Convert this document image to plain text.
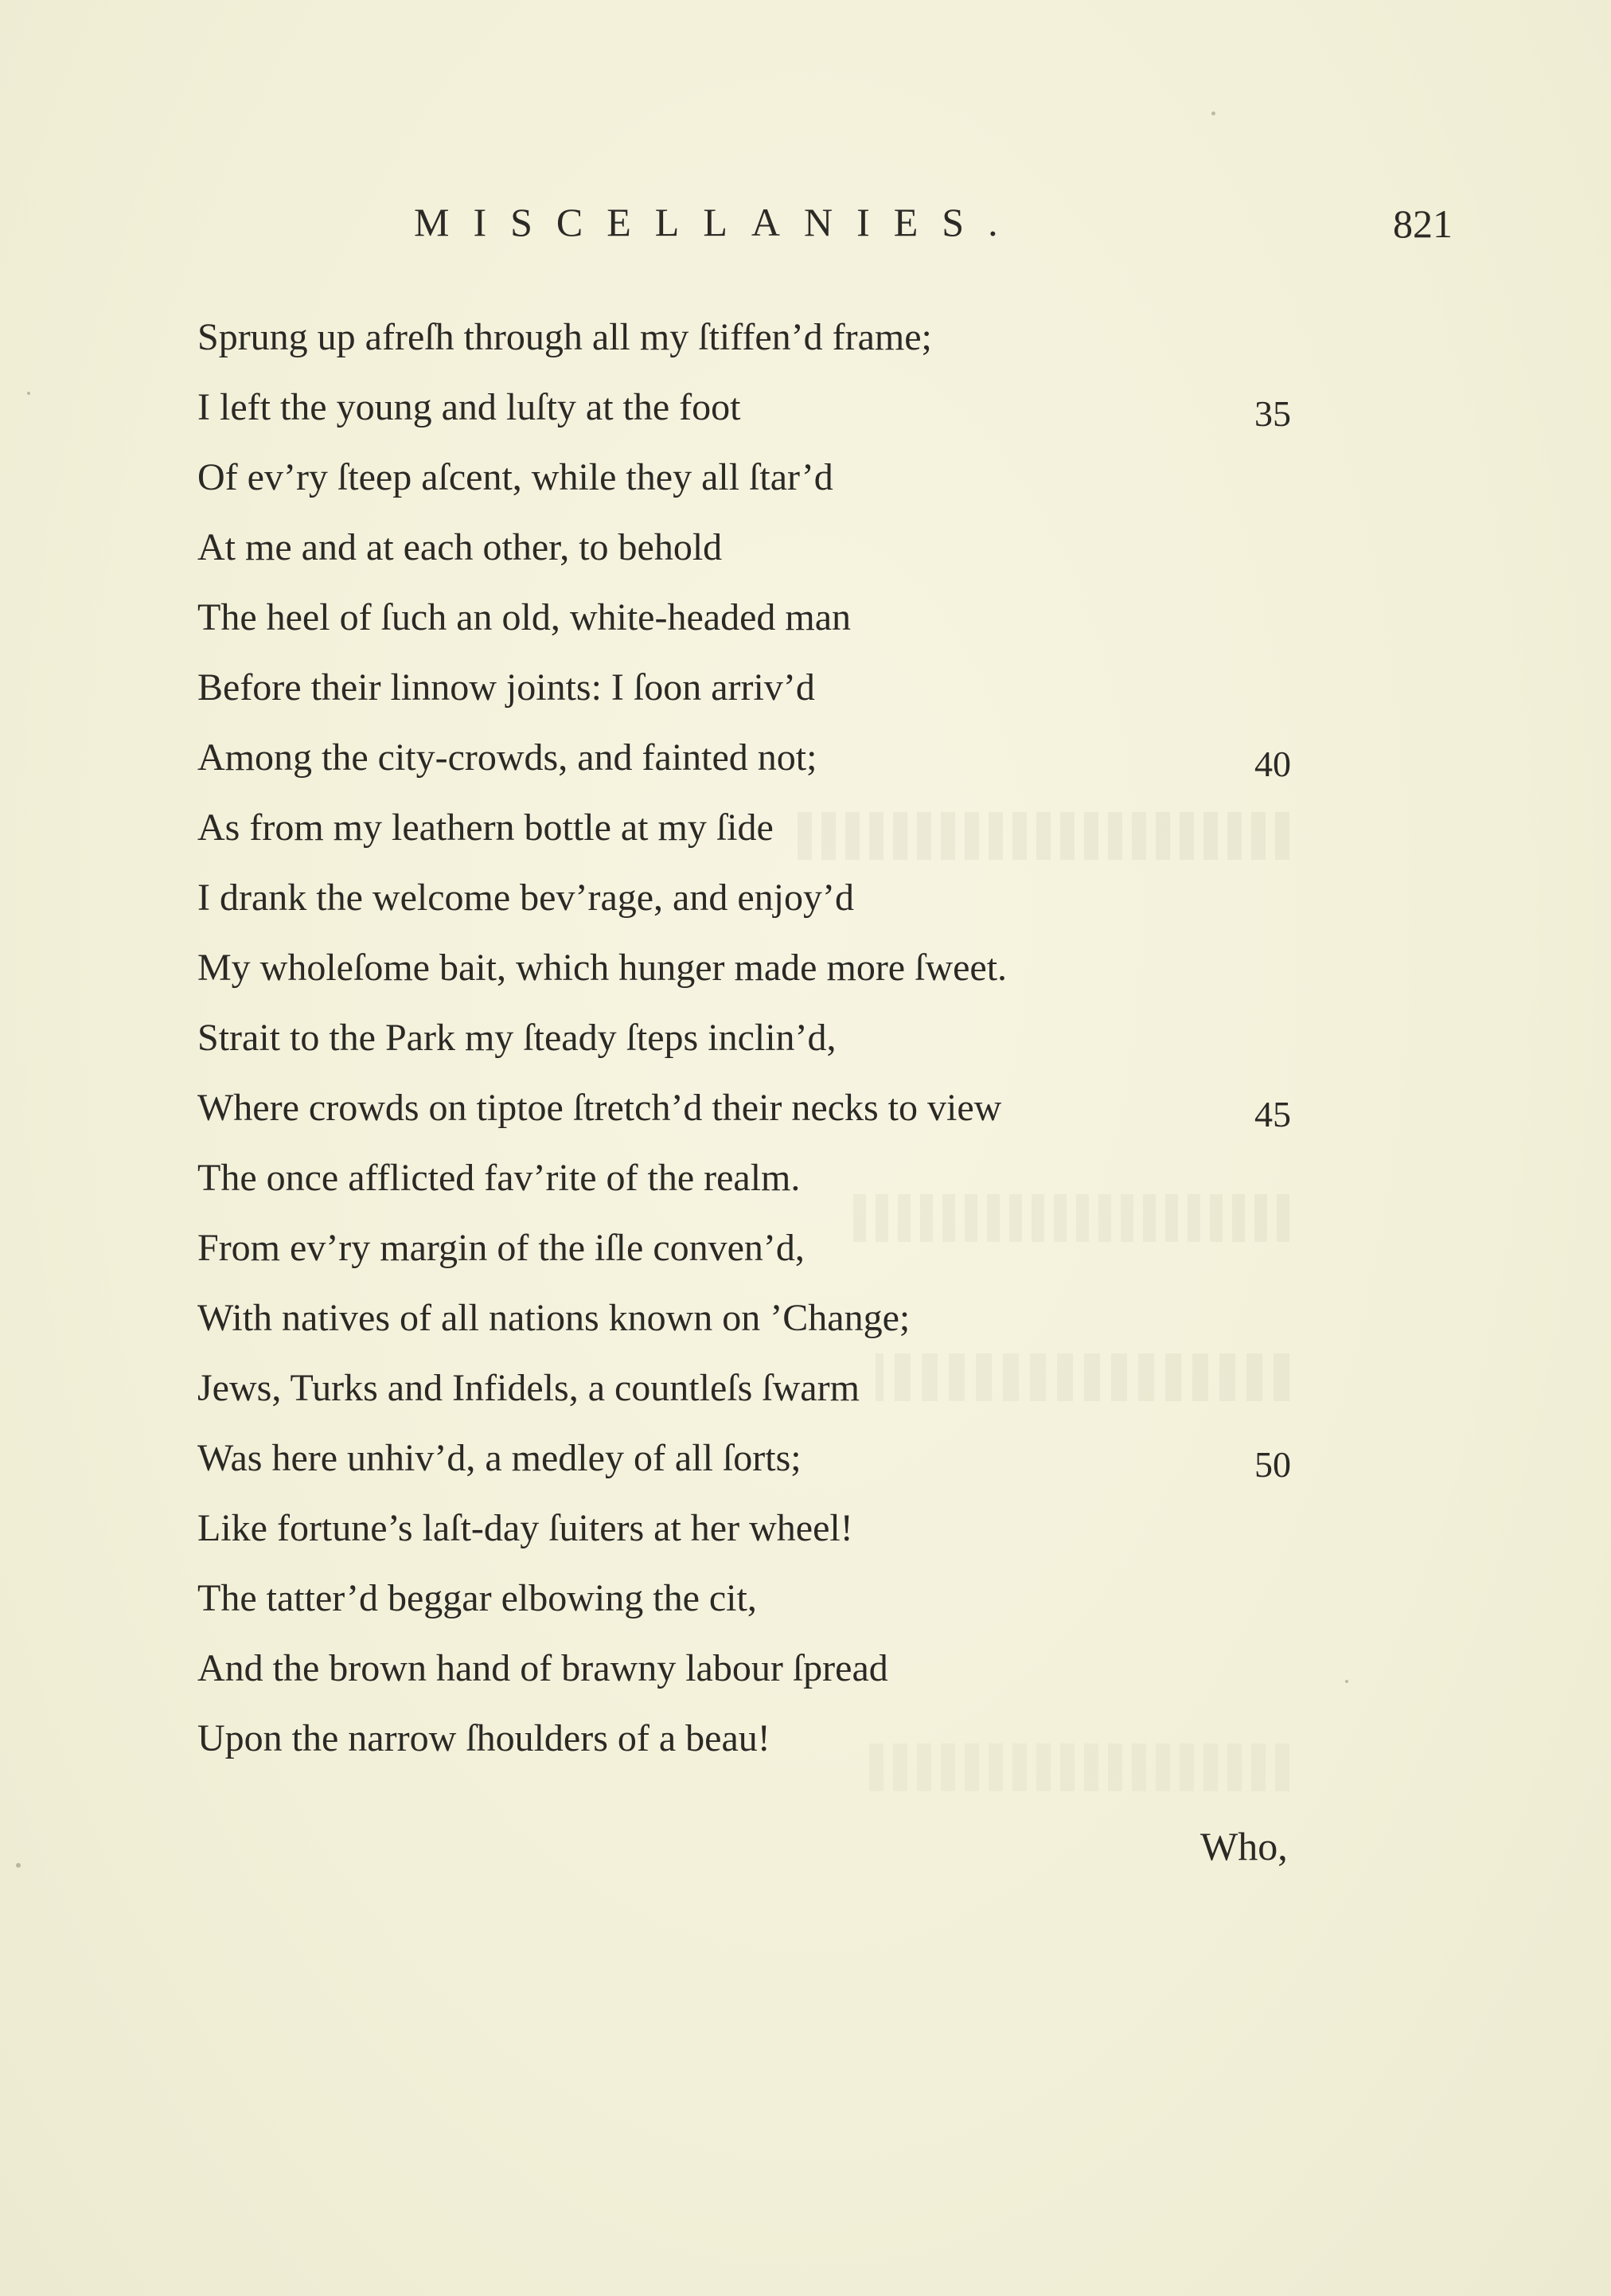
MISCELLANIES.	821
Sprung up afreſh through all my ſtiffen’d frame;
I left the young and luſty at the foot	35
Of ev’ry ſteep aſcent, while they all ſtar’d
At me and at each other, to behold
The heel of ſuch an old, white-headed man
Before their linnow joints: I ſoon arriv’d
Among the city-crowds, and fainted not;	40
As from my leathern bottle at my ſide
I drank the welcome bev’rage, and enjoy’d
My wholeſome bait, which hunger made more ſweet.
Strait to the Park my ſteady ſteps inclin’d,
Where crowds on tiptoe ſtretch’d their necks to view	45
The once afflicted fav’rite of the realm.
From ev’ry margin of the iſle conven’d,
With natives of all nations known on ’Change;
Jews, Turks and Infidels, a countleſs ſwarm
Was here unhiv’d, a medley of all ſorts;	50
Like fortune’s laſt-day ſuiters at her wheel!
The tatter’d beggar elbowing the cit,
And the brown hand of brawny labour ſpread
Upon the narrow ſhoulders of a beau!
Who,
